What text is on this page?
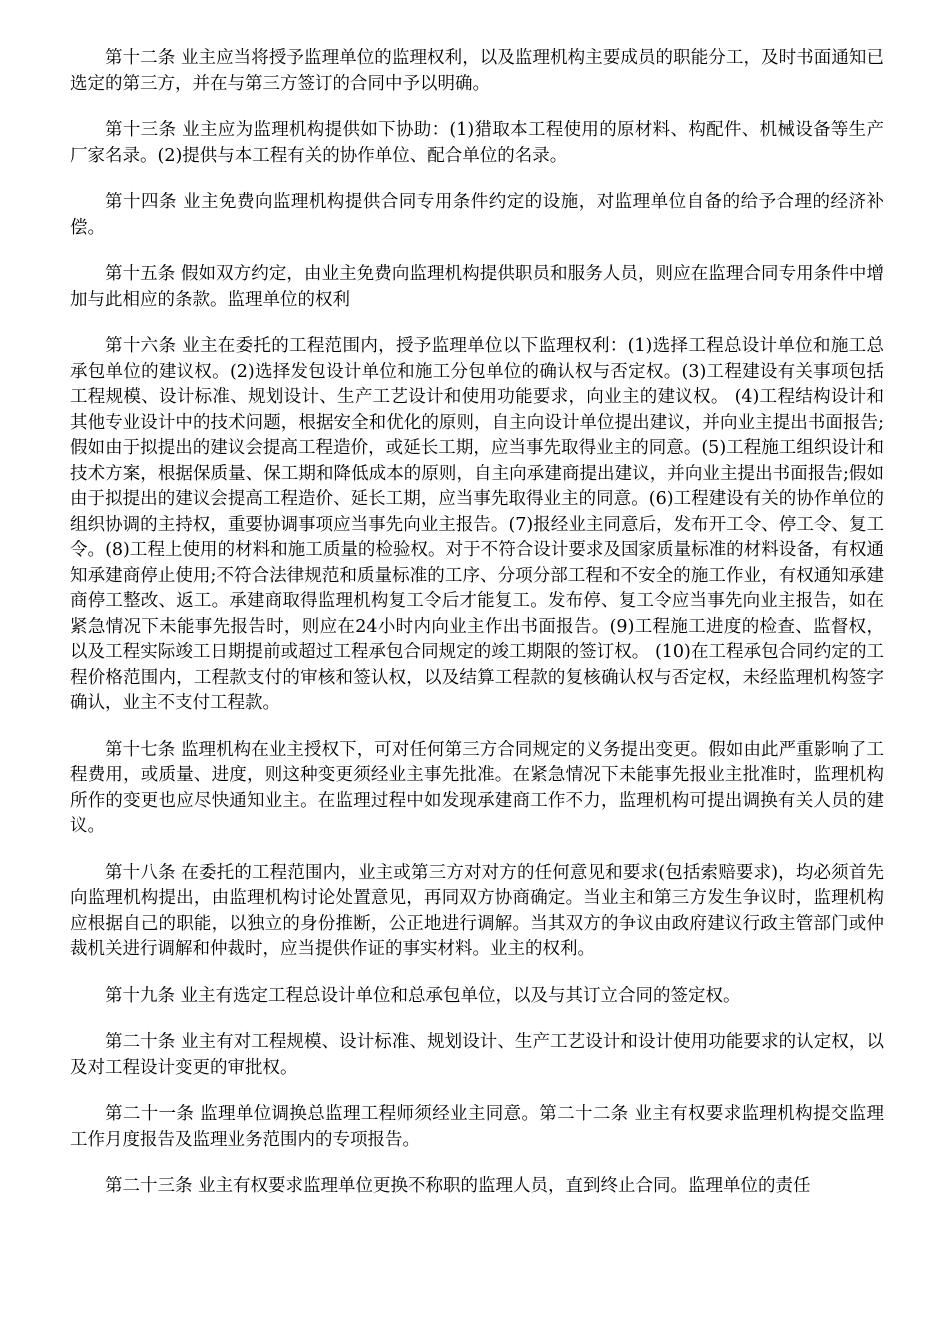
第十二条 业主应当将授予监理单位的监理权利，以及监理机构主要成员的职能分工，及时书面通知已选定的第三方，并在与第三方签订的合同中予以明确。

第十三条 业主应为监理机构提供如下协助：(1)猎取本工程使用的原材料、构配件、机械设备等生产厂家名录。(2)提供与本工程有关的协作单位、配合单位的名录。

第十四条 业主免费向监理机构提供合同专用条件约定的设施，对监理单位自备的给予合理的经济补偿。

第十五条 假如双方约定，由业主免费向监理机构提供职员和服务人员，则应在监理合同专用条件中增加与此相应的条款。监理单位的权利

第十六条 业主在委托的工程范围内，授予监理单位以下监理权利：(1)选择工程总设计单位和施工总承包单位的建议权。(2)选择发包设计单位和施工分包单位的确认权与否定权。(3)工程建设有关事项包括工程规模、设计标准、规划设计、生产工艺设计和使用功能要求，向业主的建议权。 (4)工程结构设计和其他专业设计中的技术问题，根据安全和优化的原则，自主向设计单位提出建议，并向业主提出书面报告;假如由于拟提出的建议会提高工程造价，或延长工期，应当事先取得业主的同意。(5)工程施工组织设计和技术方案，根据保质量、保工期和降低成本的原则，自主向承建商提出建议，并向业主提出书面报告;假如由于拟提出的建议会提高工程造价、延长工期，应当事先取得业主的同意。(6)工程建设有关的协作单位的组织协调的主持权，重要协调事项应当事先向业主报告。(7)报经业主同意后，发布开工令、停工令、复工令。(8)工程上使用的材料和施工质量的检验权。对于不符合设计要求及国家质量标准的材料设备，有权通知承建商停止使用;不符合法律规范和质量标准的工序、分项分部工程和不安全的施工作业，有权通知承建商停工整改、返工。承建商取得监理机构复工令后才能复工。发布停、复工令应当事先向业主报告，如在紧急情况下未能事先报告时，则应在24小时内向业主作出书面报告。(9)工程施工进度的检查、监督权，以及工程实际竣工日期提前或超过工程承包合同规定的竣工期限的签订权。 (10)在工程承包合同约定的工程价格范围内，工程款支付的审核和签认权，以及结算工程款的复核确认权与否定权，未经监理机构签字确认，业主不支付工程款。

第十七条 监理机构在业主授权下，可对任何第三方合同规定的义务提出变更。假如由此严重影响了工程费用，或质量、进度，则这种变更须经业主事先批准。在紧急情况下未能事先报业主批准时，监理机构所作的变更也应尽快通知业主。在监理过程中如发现承建商工作不力，监理机构可提出调换有关人员的建议。

第十八条 在委托的工程范围内，业主或第三方对对方的任何意见和要求(包括索赔要求)，均必须首先向监理机构提出，由监理机构讨论处置意见，再同双方协商确定。当业主和第三方发生争议时，监理机构应根据自己的职能，以独立的身份推断，公正地进行调解。当其双方的争议由政府建议行政主管部门或仲裁机关进行调解和仲裁时，应当提供作证的事实材料。业主的权利。

第十九条 业主有选定工程总设计单位和总承包单位，以及与其订立合同的签定权。

第二十条 业主有对工程规模、设计标准、规划设计、生产工艺设计和设计使用功能要求的认定权，以及对工程设计变更的审批权。

第二十一条 监理单位调换总监理工程师须经业主同意。第二十二条 业主有权要求监理机构提交监理工作月度报告及监理业务范围内的专项报告。

第二十三条 业主有权要求监理单位更换不称职的监理人员，直到终止合同。监理单位的责任
